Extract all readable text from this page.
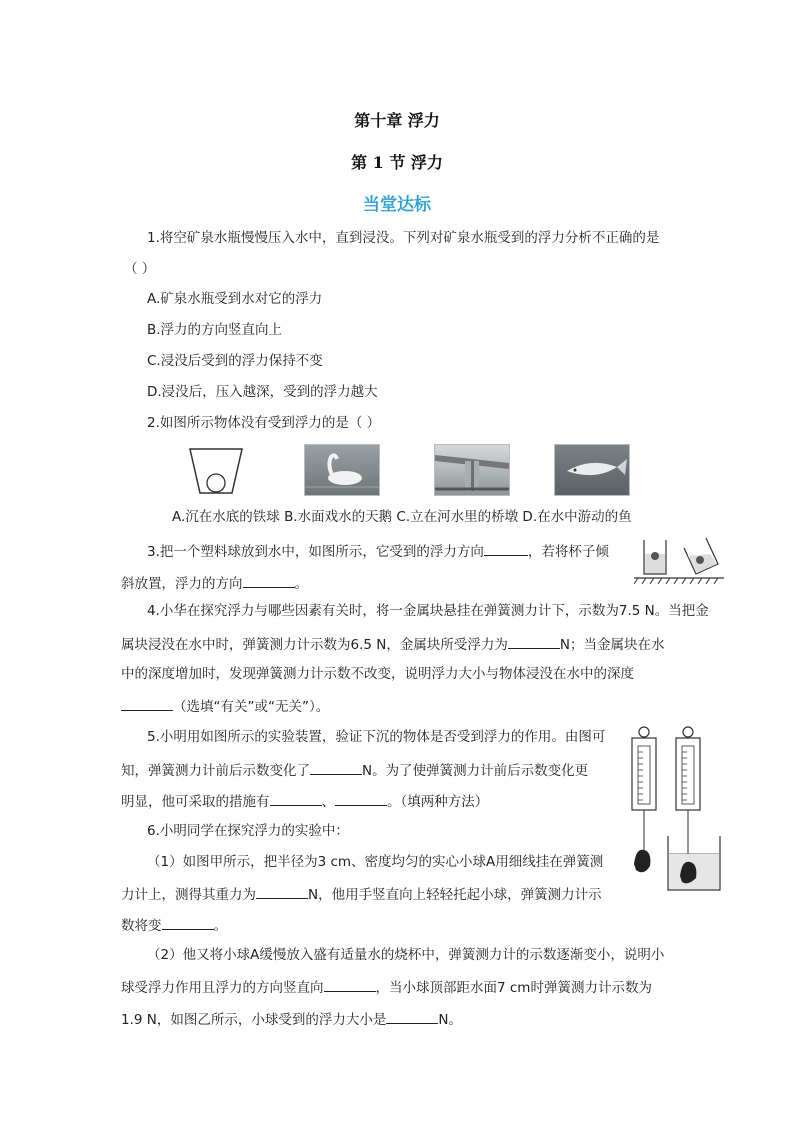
第十章 浮力
第 1 节 浮力
当堂达标
1.将空矿泉水瓶慢慢压入水中，直到浸没。下列对矿泉水瓶受到的浮力分析不正确的是
（ ）
A.矿泉水瓶受到水对它的浮力
B.浮力的方向竖直向上
C.浸没后受到的浮力保持不变
D.浸没后，压入越深，受到的浮力越大
2.如图所示物体没有受到浮力的是（ ）
A.沉在水底的铁球 B.水面戏水的天鹅 C.立在河水里的桥墩 D.在水中游动的鱼
3.把一个塑料球放到水中，如图所示，它受到的浮力方向	，若将杯子倾
斜放置，浮力的方向	。
4.小华在探究浮力与哪些因素有关时，将一金属块悬挂在弹簧测力计下，示数为7.5 N。当把金
属块浸没在水中时，弹簧测力计示数为6.5 N，金属块所受浮力为	N；当金属块在水
中的深度增加时，发现弹簧测力计示数不改变，说明浮力大小与物体浸没在水中的深度
（选填“有关”或“无关”）。
5.小明用如图所示的实验装置，验证下沉的物体是否受到浮力的作用。由图可
知，弹簧测力计前后示数变化了	N。为了使弹簧测力计前后示数变化更
明显，他可采取的措施有	、	。（填两种方法）
6.小明同学在探究浮力的实验中：
（1）如图甲所示，把半径为3 cm、密度均匀的实心小球A用细线挂在弹簧测
力计上，测得其重力为	N，他用手竖直向上轻轻托起小球，弹簧测力计示
数将变	。
（2）他又将小球A缓慢放入盛有适量水的烧杯中，弹簧测力计的示数逐渐变小，说明小
球受浮力作用且浮力的方向竖直向	，当小球顶部距水面7 cm时弹簧测力计示数为
1.9 N，如图乙所示，小球受到的浮力大小是	N。
